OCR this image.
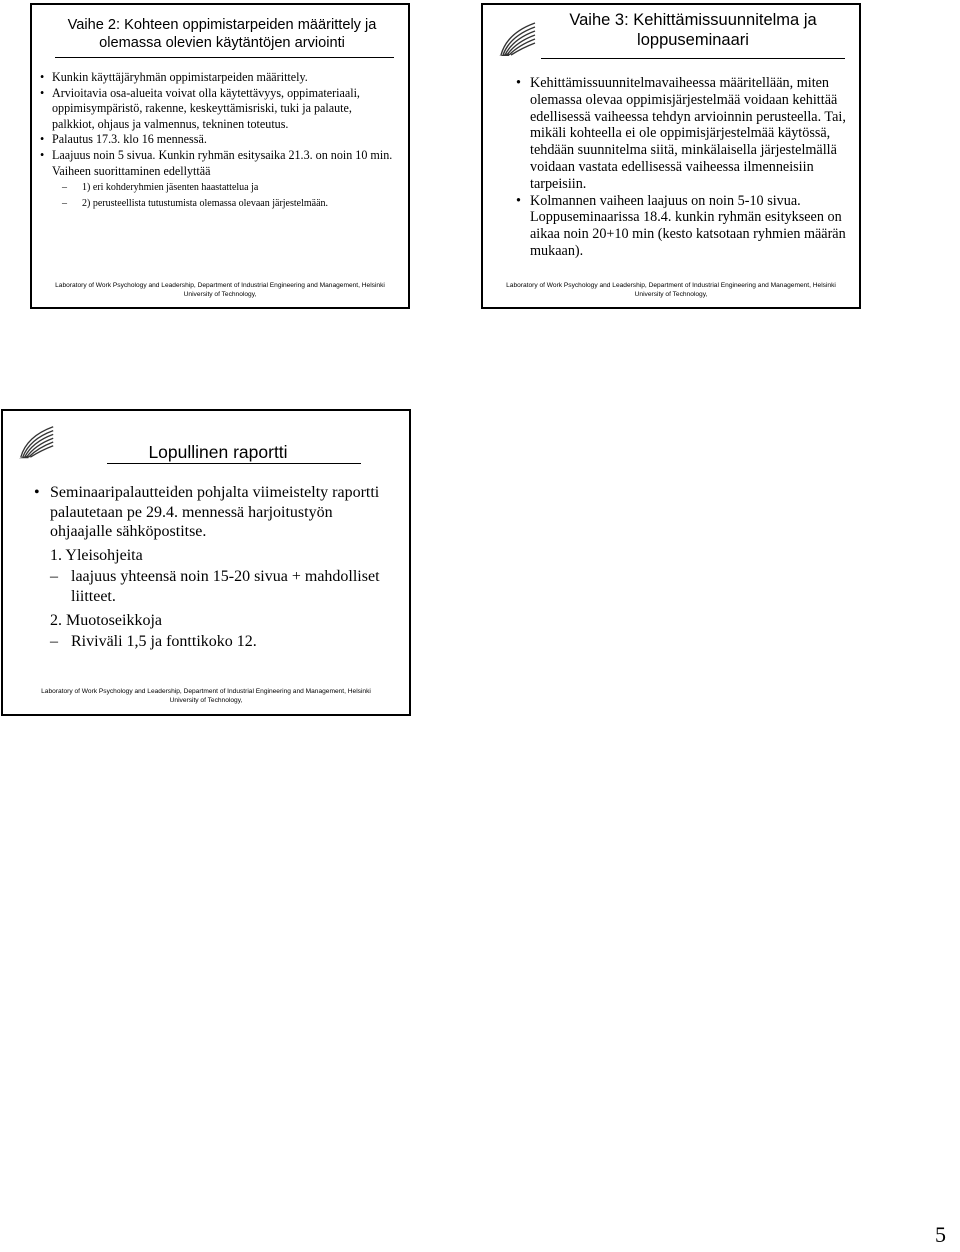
Vaihe 2: Kohteen oppimistarpeiden määrittely ja olemassa olevien käytäntöjen arviointi
• Kunkin käyttäjäryhmän oppimistarpeiden määrittely.
• Arvioitavia osa-alueita voivat olla käytettävyys, oppimateriaali, oppimisympäristö, rakenne, keskeyttämisriski, tuki ja palaute, palkkiot, ohjaus ja valmennus, tekninen toteutus.
• Palautus 17.3. klo 16 mennessä.
• Laajuus noin 5 sivua. Kunkin ryhmän esitysaika 21.3. on noin 10 min. Vaiheen suorittaminen edellyttää
– 1) eri kohderyhmien jäsenten haastattelua ja
– 2) perusteellista tutustumista olemassa olevaan järjestelmään.
Laboratory of Work Psychology and Leadership, Department of Industrial Engineering and Management, Helsinki
University of Technology,
Vaihe 3: Kehittämissuunnitelma ja loppuseminaari
• Kehittämissuunnitelmavaiheessa määritellään, miten olemassa olevaa oppimisjärjestelmää voidaan kehittää edellisessä vaiheessa tehdyn arvioinnin perusteella. Tai, mikäli kohteella ei ole oppimisjärjestelmää käytössä, tehdään suunnitelma siitä, minkälaisella järjestelmällä voidaan vastata edellisessä vaiheessa ilmenneisiin tarpeisiin.
• Kolmannen vaiheen laajuus on noin 5-10 sivua. Loppuseminaarissa 18.4. kunkin ryhmän esitykseen on aikaa noin 20+10 min (kesto katsotaan ryhmien määrän mukaan).
Laboratory of Work Psychology and Leadership, Department of Industrial Engineering and Management, Helsinki
University of Technology,
Lopullinen raportti
• Seminaaripalautteiden pohjalta viimeistelty raportti palautetaan pe 29.4. mennessä harjoitustyön ohjaajalle sähköpostitse.
1. Yleisohjeita
– laajuus yhteensä noin 15-20 sivua + mahdolliset liitteet.
2. Muotoseikkoja
– Riviväli 1,5 ja fonttikoko 12.
Laboratory of Work Psychology and Leadership, Department of Industrial Engineering and Management, Helsinki
University of Technology,
5
